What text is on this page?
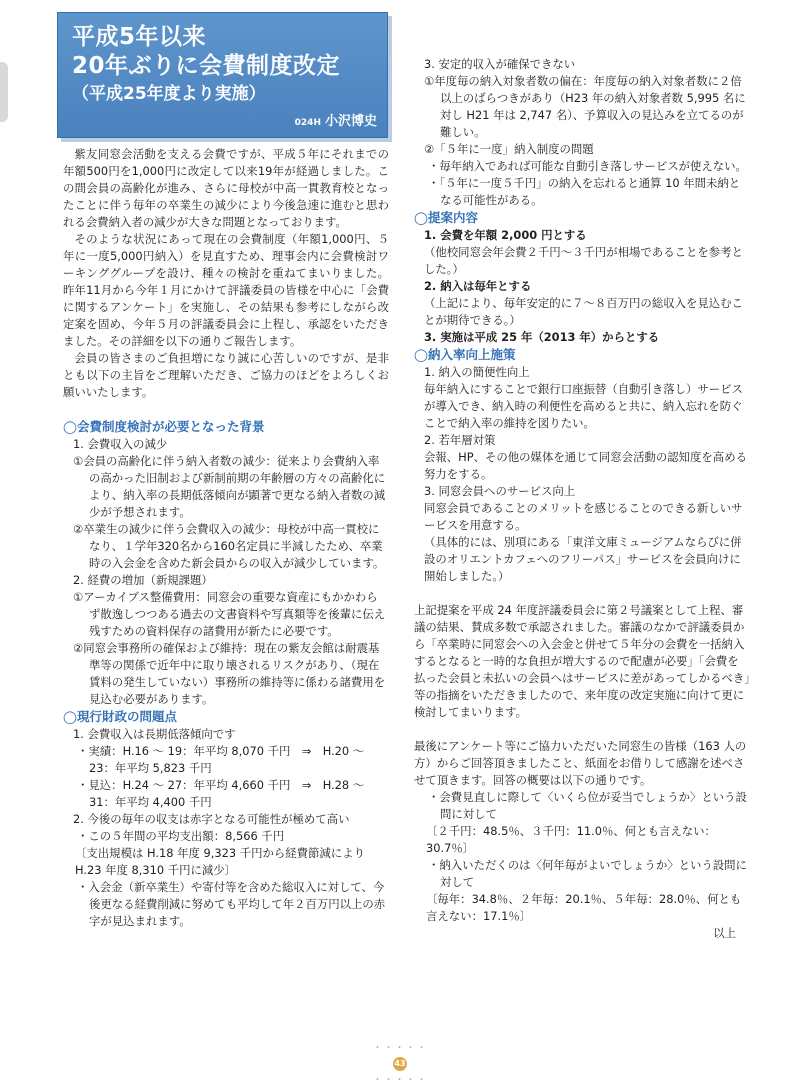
平成5年以来
20年ぶりに会費制度改定
（平成25年度より実施）
024H 小沢博史
紫友同窓会活動を支える会費ですが、平成５年にそれまでの年額500円を1,000円に改定して以来19年が経過しました。この間会員の高齢化が進み、さらに母校が中高一貫教育校となったことに伴う毎年の卒業生の減少により今後急速に進むと思われる会費納入者の減少が大きな問題となっております。
そのような状況にあって現在の会費制度（年額1,000円、５年に一度5,000円納入）を見直すため、理事会内に会費検討ワーキンググループを設け、種々の検討を重ねてまいりました。昨年11月から今年１月にかけて評議委員の皆様を中心に「会費に関するアンケート」を実施し、その結果も参考にしながら改定案を固め、今年５月の評議委員会に上程し、承認をいただきました。その詳細を以下の通りご報告します。
会員の皆さまのご負担増になり誠に心苦しいのですが、是非とも以下の主旨をご理解いただき、ご協力のほどをよろしくお願いいたします。
◯会費制度検討が必要となった背景
1. 会費収入の減少
①会員の高齢化に伴う納入者数の減少：従来より会費納入率の高かった旧制および新制前期の年齢層の方々の高齢化により、納入率の長期低落傾向が顕著で更なる納入者数の減少が予想されます。
②卒業生の減少に伴う会費収入の減少：母校が中高一貫校になり、１学年320名から160名定員に半減したため、卒業時の入会金を含めた新会員からの収入が減少しています。
2. 経費の増加（新規課題）
①アーカイブス整備費用：同窓会の重要な資産にもかかわらず散逸しつつある過去の文書資料や写真類等を後輩に伝え残すための資料保存の諸費用が新たに必要です。
②同窓会事務所の確保および維持：現在の紫友会館は耐震基準等の関係で近年中に取り壊されるリスクがあり、（現在賃料の発生していない）事務所の維持等に係わる諸費用を見込む必要があります。
◯現行財政の問題点
1. 会費収入は長期低落傾向です
・実績：H.16 ～ 19：年平均 8,070 千円　⇒　H.20 ～ 23：年平均 5,823 千円
・見込：H.24 ～ 27：年平均 4,660 千円　⇒　H.28 ～ 31：年平均 4,400 千円
2. 今後の毎年の収支は赤字となる可能性が極めて高い
・この５年間の平均支出額：8,566 千円
〔支出規模は H.18 年度 9,323 千円から経費節減によりH.23 年度 8,310 千円に減少〕
・入会金（新卒業生）や寄付等を含めた総収入に対して、今後更なる経費削減に努めても平均して年２百万円以上の赤字が見込まれます。
3. 安定的収入が確保できない
①年度毎の納入対象者数の偏在：年度毎の納入対象者数に２倍以上のばらつきがあり（H23 年の納入対象者数 5,995 名に対し H21 年は 2,747 名）、予算収入の見込みを立てるのが難しい。
②「５年に一度」納入制度の問題
・毎年納入であれば可能な自動引き落しサービスが使えない。
・「５年に一度５千円」の納入を忘れると通算 10 年間未納となる可能性がある。
◯提案内容
1. 会費を年額 2,000 円とする
（他校同窓会年会費２千円～３千円が相場であることを参考とした。）
2. 納入は毎年とする
（上記により、毎年安定的に７～８百万円の総収入を見込むことが期待できる。）
3. 実施は平成 25 年（2013 年）からとする
◯納入率向上施策
1. 納入の簡便性向上
毎年納入にすることで銀行口座振替（自動引き落し）サービスが導入でき、納入時の利便性を高めると共に、納入忘れを防ぐことで納入率の維持を図りたい。
2. 若年層対策
会報、HP、その他の媒体を通じて同窓会活動の認知度を高める努力をする。
3. 同窓会員へのサービス向上
同窓会員であることのメリットを感じることのできる新しいサービスを用意する。
（具体的には、別項にある「東洋文庫ミュージアムならびに併設のオリエントカフェへのフリーパス」サービスを会員向けに開始しました。）
上記提案を平成 24 年度評議委員会に第２号議案として上程、審議の結果、賛成多数で承認されました。審議のなかで評議委員から「卒業時に同窓会への入会金と併せて５年分の会費を一括納入するとなると一時的な負担が増大するので配慮が必要」「会費を払った会員と未払いの会員へはサービスに差があってしかるべき」等の指摘をいただきましたので、来年度の改定実施に向けて更に検討してまいります。
最後にアンケート等にご協力いただいた同窓生の皆様（163 人の方）からご回答頂きましたこと、紙面をお借りして感謝を述べさせて頂きます。回答の概要は以下の通りです。
・会費見直しに際して〈いくら位が妥当でしょうか〉という設問に対して
〔２千円：48.5％、３千円：11.0％、何とも言えない：30.7％〕
・納入いただくのは〈何年毎がよいでしょうか〉という設問に対して
〔毎年：34.8％、２年毎：20.1％、５年毎：28.0％、何とも言えない：17.1％〕
以上
・・・・・43・・・・・
